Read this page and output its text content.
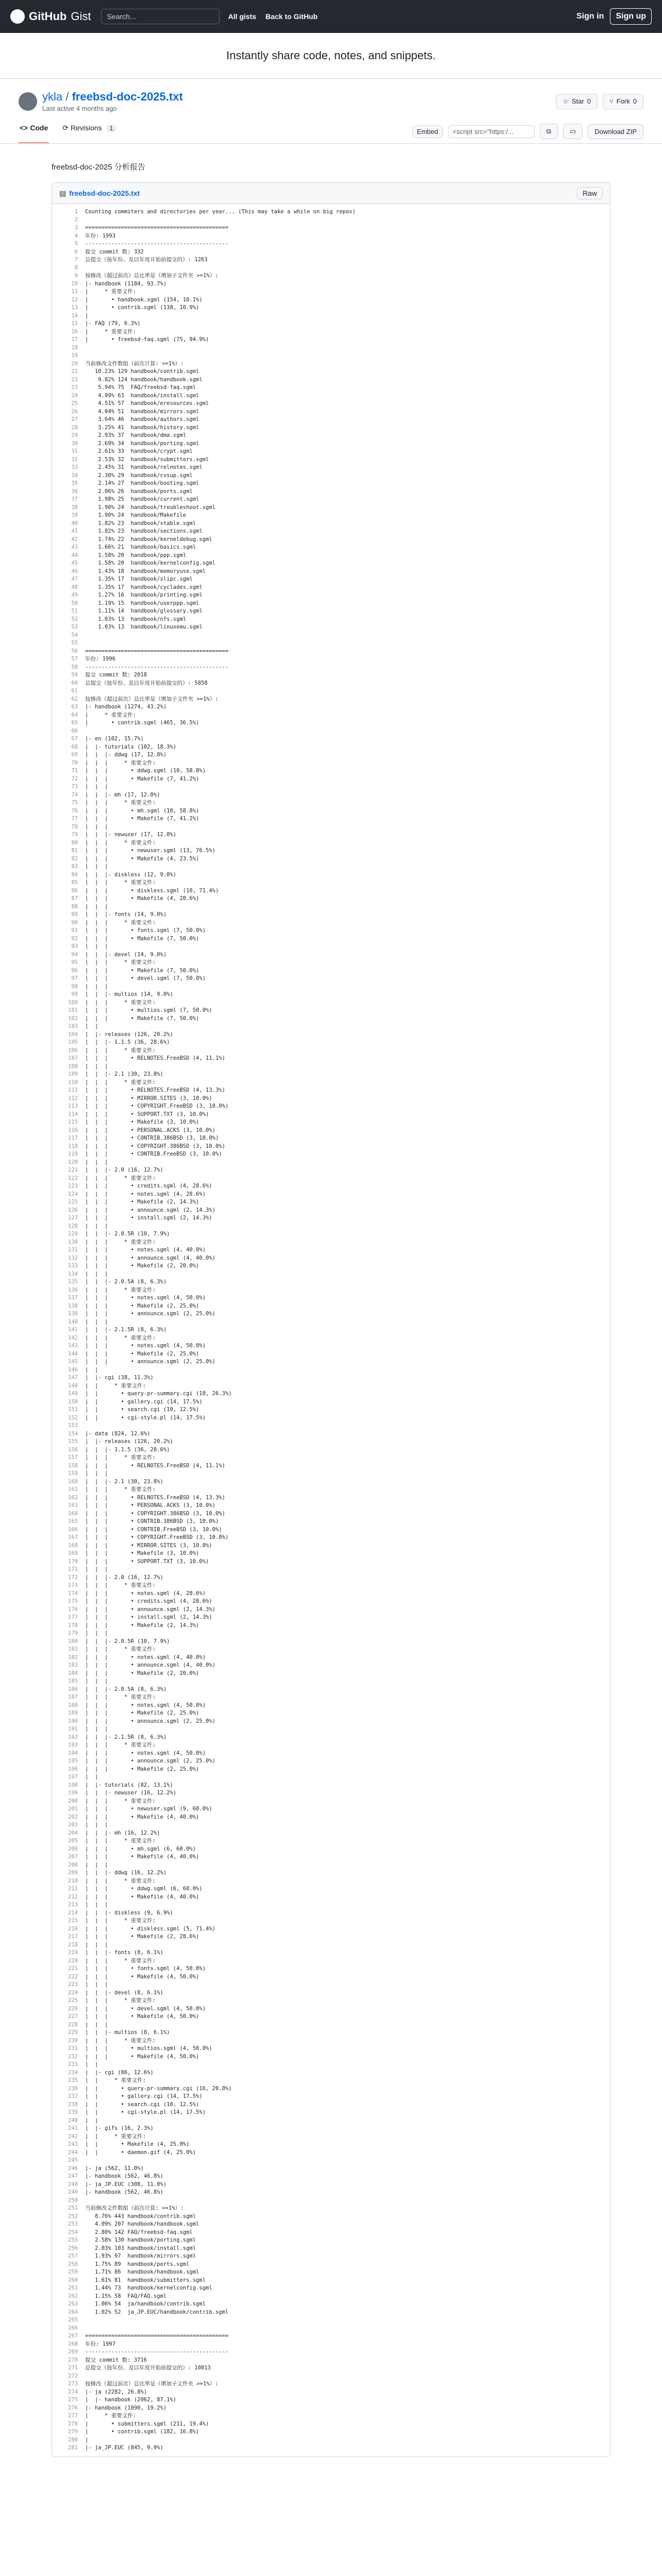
GitHub Gist Search...	All gists Back to GitHub	Sign in	Sign up
Instantly share code, notes, and snippets.
ykla / freebsd-doc-2025.txt
Last active 4 months ago
☆ Star 0	⑂ Fork 0
<> Code ⟳ Revisions 1	Embed	<script src="https:/...	⧉	▭	Download ZIP
freebsd-doc-2025 分析报告
▤ freebsd-doc-2025.txt	Raw
1	Counting commiters and directories per year... (This may take a while on big repos)
2
3	============================================
4	年份: 1993
5	--------------------------------------------
6	提交 commit 数: 332
7	总提交（按年份、及以年度开始前提交的）: 1263
8
9	按修改（超过前次）总比率是（增加子文件夹 >=1%）:
10	|- handbook (1184, 93.7%)
11	|     * 重要文件:
12	|       • handbook.sgml (154, 10.1%)
13	|       • contrib.sgml (138, 10.9%)
14	|
15	|- FAQ (79, 6.3%)
16	|     * 重要文件:
17	|       • freebsd-faq.sgml (75, 94.9%)
18
19
20	当前修改文件数组（前次计算: >=1%）:
21	10.23% 129 handbook/contrib.sgml
22	9.82% 124 handbook/handbook.sgml
23	5.94% 75  FAQ/freebsd-faq.sgml
24	4.99% 63  handbook/install.sgml
25	4.51% 57  handbook/eresources.sgml
26	4.04% 51  handbook/mirrors.sgml
27	3.64% 46  handbook/authors.sgml
28	3.25% 41  handbook/history.sgml
29	2.93% 37  handbook/dma.sgml
30	2.69% 34  handbook/porting.sgml
31	2.61% 33  handbook/crypt.sgml
32	2.53% 32  handbook/submitters.sgml
33	2.45% 31  handbook/relnotes.sgml
34	2.30% 29  handbook/cvsup.sgml
35	2.14% 27  handbook/booting.sgml
36	2.06% 26  handbook/ports.sgml
37	1.98% 25  handbook/current.sgml
38	1.90% 24  handbook/troubleshoot.sgml
39	1.90% 24  handbook/Makefile
40	1.82% 23  handbook/stable.sgml
41	1.82% 23  handbook/sections.sgml
42	1.74% 22  handbook/kerneldebug.sgml
43	1.66% 21  handbook/basics.sgml
44	1.58% 20  handbook/ppp.sgml
45	1.58% 20  handbook/kernelconfig.sgml
46	1.43% 18  handbook/memoryuse.sgml
47	1.35% 17  handbook/slipc.sgml
48	1.35% 17  handbook/cyclades.sgml
49	1.27% 16  handbook/printing.sgml
50	1.19% 15  handbook/userppp.sgml
51	1.11% 14  handbook/glossary.sgml
52	1.03% 13  handbook/nfs.sgml
53	1.03% 13  handbook/linuxemu.sgml
54
55
56	============================================
57	年份: 1996
58	--------------------------------------------
59	提交 commit 数: 2018
60	总提交（按年份、及以年度开始前提交的）: 5858
61
62	按修改（超过前次）总比率是（增加子文件夹 >=1%）:
63	|- handbook (1274, 43.2%)
64	|     * 重要文件:
65	|       • contrib.sgml (465, 36.5%)
66
67	|- en (102, 15.7%)
68	|  |- tutorials (102, 18.3%)
69	|  |  |- ddwg (17, 12.0%)
70	|  |  |     * 重要文件:
71	|  |  |       • ddwg.sgml (10, 58.8%)
72	|  |  |       • Makefile (7, 41.2%)
73	|  |  |
74	|  |  |- mh (17, 12.0%)
75	|  |  |     * 重要文件:
76	|  |  |       • mh.sgml (10, 58.8%)
77	|  |  |       • Makefile (7, 41.2%)
78	|  |  |
79	|  |  |- newuser (17, 12.0%)
80	|  |  |     * 重要文件:
81	|  |  |       • newuser.sgml (13, 76.5%)
82	|  |  |       • Makefile (4, 23.5%)
83	|  |  |
84	|  |  |- diskless (12, 9.0%)
85	|  |  |     * 重要文件:
86	|  |  |       • diskless.sgml (10, 71.4%)
87	|  |  |       • Makefile (4, 28.6%)
88	|  |  |
89	|  |  |- fonts (14, 9.0%)
90	|  |  |     * 重要文件:
91	|  |  |       • fonts.sgml (7, 50.0%)
92	|  |  |       • Makefile (7, 50.0%)
93	|  |  |
94	|  |  |- devel (14, 9.0%)
95	|  |  |     * 重要文件:
96	|  |  |       • Makefile (7, 50.0%)
97	|  |  |       • devel.sgml (7, 50.0%)
98	|  |  |
99	|  |  |- multios (14, 9.0%)
100	|  |  |     * 重要文件:
101	|  |  |       • multios.sgml (7, 50.0%)
102	|  |  |       • Makefile (7, 50.0%)
103	|  |
104	|  |- releases (126, 20.2%)
105	|  |  |- 1.1.5 (36, 28.6%)
106	|  |  |     * 重要文件:
107	|  |  |       • RELNOTES.FreeBSD (4, 11.1%)
108	|  |  |
109	|  |  |- 2.1 (30, 23.8%)
110	|  |  |     * 重要文件:
111	|  |  |       • RELNOTES.FreeBSD (4, 13.3%)
112	|  |  |       • MIRROR.SITES (3, 10.0%)
113	|  |  |       • COPYRIGHT.FreeBSD (3, 10.0%)
114	|  |  |       • SUPPORT.TXT (3, 10.0%)
115	|  |  |       • Makefile (3, 10.0%)
116	|  |  |       • PERSONAL.ACKS (3, 10.0%)
117	|  |  |       • CONTRIB.386BSD (3, 10.0%)
118	|  |  |       • COPYRIGHT.386BSD (3, 10.0%)
119	|  |  |       • CONTRIB.FreeBSD (3, 10.0%)
120	|  |  |
121	|  |  |- 2.0 (16, 12.7%)
122	|  |  |     * 重要文件:
123	|  |  |       • credits.sgml (4, 28.6%)
124	|  |  |       • notes.sgml (4, 28.6%)
125	|  |  |       • Makefile (2, 14.3%)
126	|  |  |       • announce.sgml (2, 14.3%)
127	|  |  |       • install.sgml (2, 14.3%)
128	|  |  |
129	|  |  |- 2.0.5R (10, 7.9%)
130	|  |  |     * 重要文件:
131	|  |  |       • notes.sgml (4, 40.0%)
132	|  |  |       • announce.sgml (4, 40.0%)
133	|  |  |       • Makefile (2, 20.0%)
134	|  |  |
135	|  |  |- 2.0.5A (8, 6.3%)
136	|  |  |     * 重要文件:
137	|  |  |       • notes.sgml (4, 50.0%)
138	|  |  |       • Makefile (2, 25.0%)
139	|  |  |       • announce.sgml (2, 25.0%)
140	|  |  |
141	|  |  |- 2.1.5R (8, 6.3%)
142	|  |  |     * 重要文件:
143	|  |  |       • notes.sgml (4, 50.0%)
144	|  |  |       • Makefile (2, 25.0%)
145	|  |  |       • announce.sgml (2, 25.0%)
146	|  |
147	|  |- cgi (38, 11.3%)
148	|  |     * 重要文件:
149	|  |       • query-pr-summary.cgi (10, 26.3%)
150	|  |       • gallery.cgi (14, 17.5%)
151	|  |       • search.cgi (10, 12.5%)
152	|  |       • cgi-style.pl (14, 17.5%)
153
154	|- data (824, 12.6%)
155	|  |- releases (126, 20.2%)
156	|  |  |- 1.1.5 (36, 28.6%)
157	|  |  |     * 重要文件:
158	|  |  |       • RELNOTES.FreeBSD (4, 11.1%)
159	|  |  |
160	|  |  |- 2.1 (30, 23.8%)
161	|  |  |     * 重要文件:
162	|  |  |       • RELNOTES.FreeBSD (4, 13.3%)
163	|  |  |       • PERSONAL.ACKS (3, 10.0%)
164	|  |  |       • COPYRIGHT.386BSD (3, 10.0%)
165	|  |  |       • CONTRIB.386BSD (3, 10.0%)
166	|  |  |       • CONTRIB.FreeBSD (3, 10.0%)
167	|  |  |       • COPYRIGHT.FreeBSD (3, 10.0%)
168	|  |  |       • MIRROR.SITES (3, 10.0%)
169	|  |  |       • Makefile (3, 10.0%)
170	|  |  |       • SUPPORT.TXT (3, 10.0%)
171	|  |  |
172	|  |  |- 2.0 (16, 12.7%)
173	|  |  |     * 重要文件:
174	|  |  |       • notes.sgml (4, 28.6%)
175	|  |  |       • credits.sgml (4, 28.6%)
176	|  |  |       • announce.sgml (2, 14.3%)
177	|  |  |       • install.sgml (2, 14.3%)
178	|  |  |       • Makefile (2, 14.3%)
179	|  |  |
180	|  |  |- 2.0.5R (10, 7.9%)
181	|  |  |     * 重要文件:
182	|  |  |       • notes.sgml (4, 40.0%)
183	|  |  |       • announce.sgml (4, 40.0%)
184	|  |  |       • Makefile (2, 20.0%)
185	|  |  |
186	|  |  |- 2.0.5A (8, 6.3%)
187	|  |  |     * 重要文件:
188	|  |  |       • notes.sgml (4, 50.0%)
189	|  |  |       • Makefile (2, 25.0%)
190	|  |  |       • announce.sgml (2, 25.0%)
191	|  |  |
192	|  |  |- 2.1.5R (8, 6.3%)
193	|  |  |     * 重要文件:
194	|  |  |       • notes.sgml (4, 50.0%)
195	|  |  |       • announce.sgml (2, 25.0%)
196	|  |  |       • Makefile (2, 25.0%)
197	|  |
198	|  |- tutorials (82, 13.1%)
199	|  |  |- newuser (16, 12.2%)
200	|  |  |     * 重要文件:
201	|  |  |       • newuser.sgml (9, 60.0%)
202	|  |  |       • Makefile (4, 40.0%)
203	|  |  |
204	|  |  |- mh (16, 12.2%)
205	|  |  |     * 重要文件:
206	|  |  |       • mh.sgml (6, 60.0%)
207	|  |  |       • Makefile (4, 40.0%)
208	|  |  |
209	|  |  |- ddwg (16, 12.2%)
210	|  |  |     * 重要文件:
211	|  |  |       • ddwg.sgml (6, 60.0%)
212	|  |  |       • Makefile (4, 40.0%)
213	|  |  |
214	|  |  |- diskless (9, 6.9%)
215	|  |  |     * 重要文件:
216	|  |  |       • diskless.sgml (5, 71.4%)
217	|  |  |       • Makefile (2, 28.6%)
218	|  |  |
219	|  |  |- fonts (8, 6.1%)
220	|  |  |     * 重要文件:
221	|  |  |       • fonts.sgml (4, 50.0%)
222	|  |  |       • Makefile (4, 50.0%)
223	|  |  |
224	|  |  |- devel (8, 6.1%)
225	|  |  |     * 重要文件:
226	|  |  |       • devel.sgml (4, 50.0%)
227	|  |  |       • Makefile (4, 50.0%)
228	|  |  |
229	|  |  |- multios (8, 6.1%)
230	|  |  |     * 重要文件:
231	|  |  |       • multios.sgml (4, 50.0%)
232	|  |  |       • Makefile (4, 50.0%)
233	|  |
234	|  |- cgi (86, 12.6%)
235	|  |     * 重要文件:
236	|  |       • query-pr-summary.cgi (16, 20.0%)
237	|  |       • gallery.cgi (14, 17.5%)
238	|  |       • search.cgi (10, 12.5%)
239	|  |       • cgi-style.pl (14, 17.5%)
240	|  |
241	|  |- gifs (16, 2.3%)
242	|  |     * 重要文件:
243	|  |       • Makefile (4, 25.0%)
244	|  |       • daemon.gif (4, 25.0%)
245
246	|- ja (562, 11.0%)
247	|- handbook (562, 46.8%)
248	|- ja_JP.EUC (308, 11.0%)
249	|- handbook (562, 46.8%)
250
251	当前修改文件数组（前次计算: >=1%）:
252	8.76% 443 handbook/contrib.sgml
253	4.09% 207 handbook/handbook.sgml
254	2.80% 142 FAQ/freebsd-faq.sgml
255	2.58% 130 handbook/porting.sgml
256	2.03% 103 handbook/install.sgml
257	1.93% 97  handbook/mirrors.sgml
258	1.75% 89  handbook/ports.sgml
259	1.71% 86  handbook/handbook.sgml
260	1.61% 81  handbook/submitters.sgml
261	1.44% 73  handbook/kernelconfig.sgml
262	1.15% 58  FAQ/FAQ.sgml
263	1.06% 54  ja/handbook/contrib.sgml
264	1.02% 52  ja_JP.EUC/handbook/contrib.sgml
265
266
267	============================================
268	年份: 1997
269	--------------------------------------------
270	提交 commit 数: 3716
271	总提交（按年份、及以年度开始前提交的）: 10813
272
273	按修改（超过前次）总比率是（增加子文件夹 >=1%）:
274	|- ja (2282, 26.8%)
275	|  |- handbook (2062, 87.1%)
276	|- handbook (1090, 19.2%)
277	|     * 重要文件:
278	|       • submitters.sgml (211, 19.4%)
279	|       • contrib.sgml (182, 16.8%)
280	|
281	|- ja_JP.EUC (845, 9.9%)
